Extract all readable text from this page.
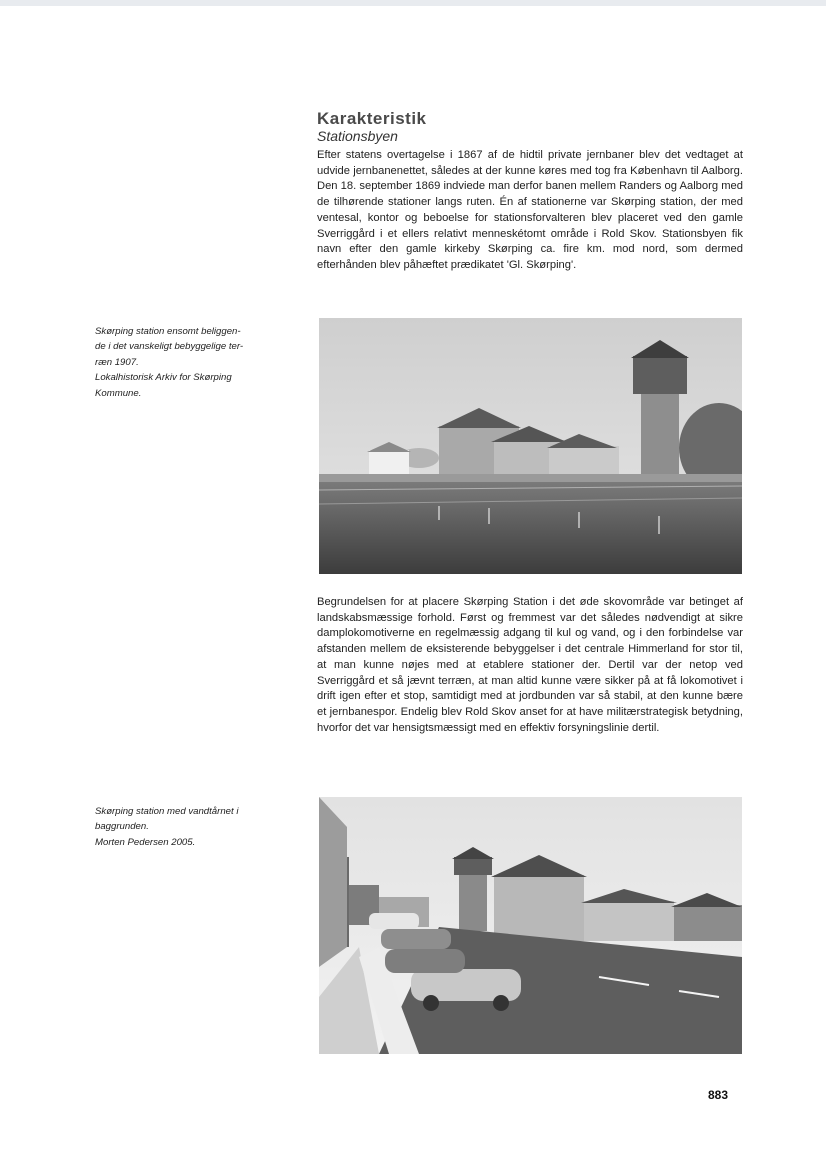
Karakteristik
Stationsbyen

Efter statens overtagelse i 1867 af de hidtil private jernbaner blev det vedtaget at udvide jernbanenettet, således at der kunne køres med tog fra København til Aalborg. Den 18. september 1869 indviede man derfor banen mellem Randers og Aalborg med de tilhørende stationer langs ruten. Én af stationerne var Skørping station, der med ventesal, kontor og beboelse for stationsforvalteren blev placeret ved den gamle Sverriggård i et ellers relativt menneskétomt område i Rold Skov. Stationsbyen fik navn efter den gamle kirkeby Skørping ca. fire km. mod nord, som dermed efterhånden blev påhæftet prædikatet 'Gl. Skørping'.

Skørping station ensomt beliggen-
de i det vanskeligt bebyggelige ter-
ræn 1907.
Lokalhistorisk Arkiv for Skørping
Kommune.

Begrundelsen for at placere Skørping Station i det øde skovområde var betinget af landskabsmæssige forhold. Først og fremmest var det således nødvendigt at sikre damplokomotiverne en regelmæssig adgang til kul og vand, og i den forbindelse var afstanden mellem de eksisterende bebyggelser i det centrale Himmerland for stor til, at man kunne nøjes med at etablere stationer der. Dertil var der netop ved Sverriggård et så jævnt terræn, at man altid kunne være sikker på at få lokomotivet i drift igen efter et stop, samtidigt med at jordbunden var så stabil, at den kunne bære et jernbanespor. Endelig blev Rold Skov anset for at have militærstrategisk betydning, hvorfor det var hensigtsmæssigt med en effektiv forsyningslinie dertil.

Skørping station med vandtårnet i
baggrunden.
Morten Pedersen 2005.
883
